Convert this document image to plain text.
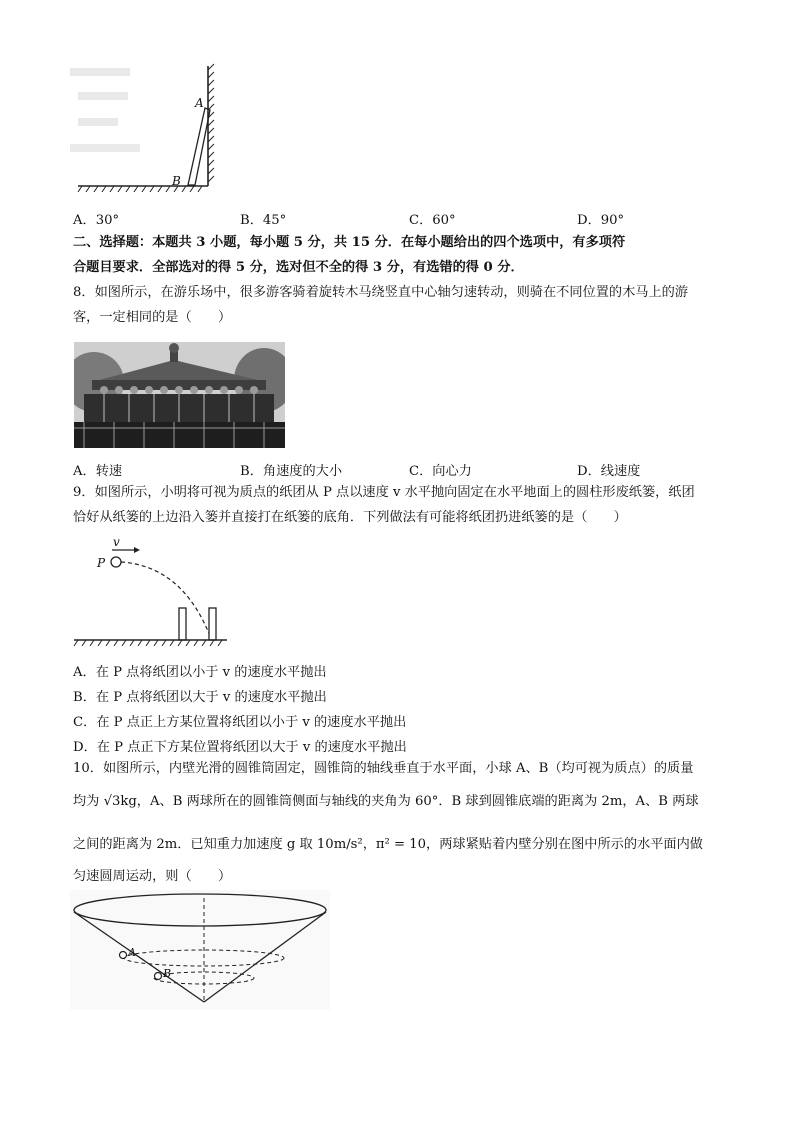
A
B
A．30°	B．45°	C．60°	D．90°
二、选择题：本题共 3 小题，每小题 5 分，共 15 分．在每小题给出的四个选项中，有多项符
合题目要求．全部选对的得 5 分，选对但不全的得 3 分，有选错的得 0 分．
8．如图所示，在游乐场中，很多游客骑着旋转木马绕竖直中心轴匀速转动，则骑在不同位置的木马上的游
客，一定相同的是（　　）
A．转速	B．角速度的大小	C．向心力	D．线速度
9．如图所示，小明将可视为质点的纸团从 P 点以速度 v 水平抛向固定在水平地面上的圆柱形废纸篓，纸团
恰好从纸篓的上边沿入篓并直接打在纸篓的底角．下列做法有可能将纸团扔进纸篓的是（　　）
v
P
A．在 P 点将纸团以小于 v 的速度水平抛出
B．在 P 点将纸团以大于 v 的速度水平抛出
C．在 P 点正上方某位置将纸团以小于 v 的速度水平抛出
D．在 P 点正下方某位置将纸团以大于 v 的速度水平抛出
10．如图所示，内壁光滑的圆锥筒固定，圆锥筒的轴线垂直于水平面，小球 A、B（均可视为质点）的质量
均为 √3kg，A、B 两球所在的圆锥筒侧面与轴线的夹角为 60°．B 球到圆锥底端的距离为 2m，A、B 两球
之间的距离为 2m．已知重力加速度 g 取 10m/s²，π² = 10，两球紧贴着内壁分别在图中所示的水平面内做
匀速圆周运动，则（　　）
A
B
